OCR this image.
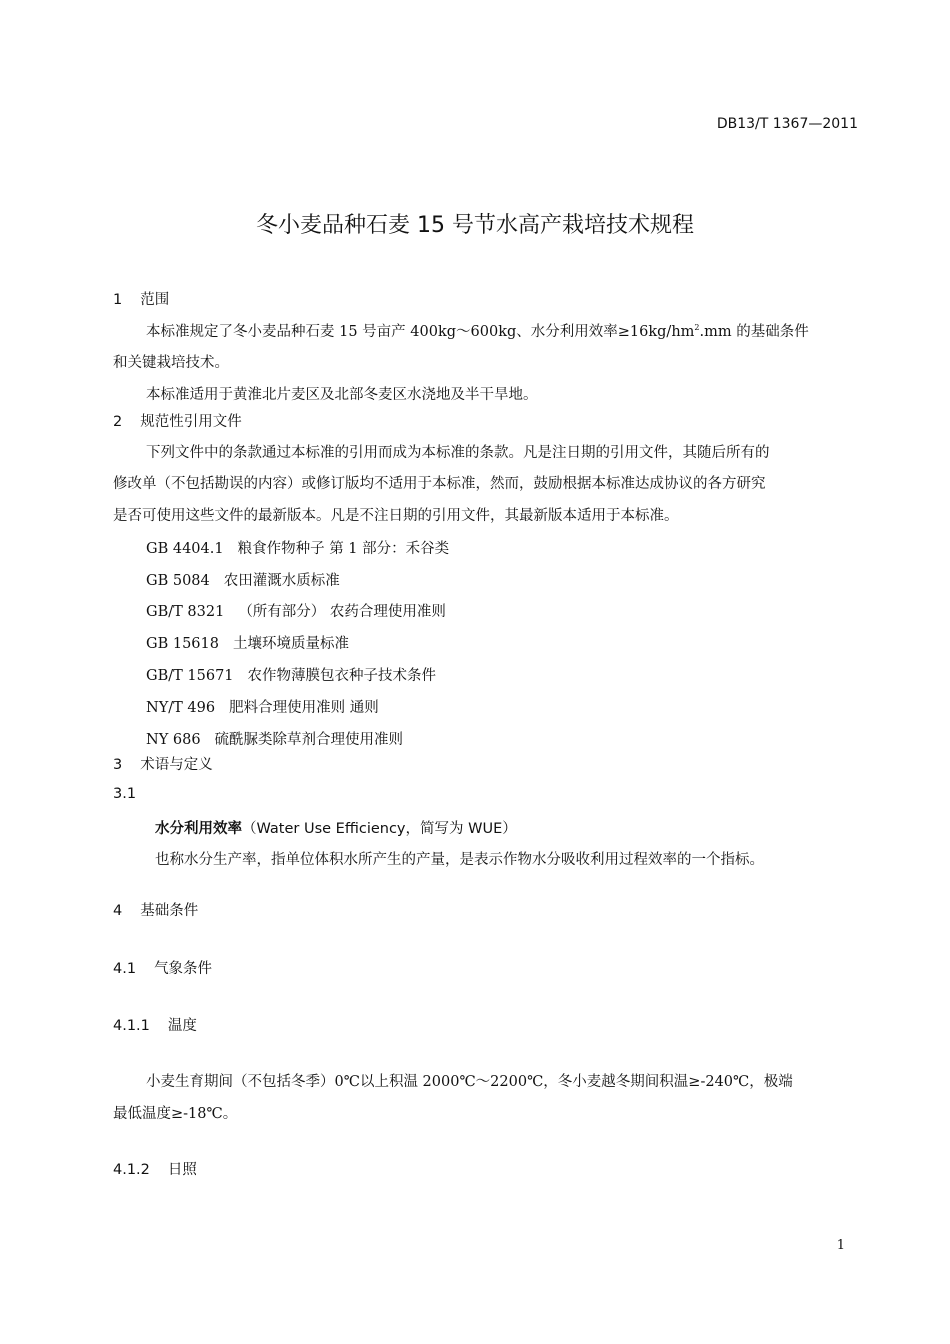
DB13/T 1367—2011
冬小麦品种石麦 15 号节水高产栽培技术规程
1 范围
本标准规定了冬小麦品种石麦 15 号亩产 400kg～600kg、水分利用效率$\ge 16kg/hm^2.mm$ 的基础条件
和关键栽培技术。
本标准适用于黄淮北片麦区及北部冬麦区水浇地及半干旱地。
2 规范性引用文件
下列文件中的条款通过本标准的引用而成为本标准的条款。凡是注日期的引用文件，其随后所有的
修改单（不包括勘误的内容）或修订版均不适用于本标准，然而，鼓励根据本标准达成协议的各方研究
是否可使用这些文件的最新版本。凡是不注日期的引用文件，其最新版本适用于本标准。
GB 4404.1 粮食作物种子 第 1 部分：禾谷类
GB 5084 农田灌溉水质标准
GB/T 8321 （所有部分） 农药合理使用准则
GB 15618 土壤环境质量标准
GB/T 15671 农作物薄膜包衣种子技术条件
NY/T 496 肥料合理使用准则 通则
NY 686 硫酰脲类除草剂合理使用准则
3 术语与定义
3.1
水分利用效率（Water Use Efficiency，简写为 WUE）
也称水分生产率，指单位体积水所产生的产量，是表示作物水分吸收利用过程效率的一个指标。
4 基础条件
4.1 气象条件
4.1.1 温度
小麦生育期间（不包括冬季）0℃以上积温 2000℃～2200℃，冬小麦越冬期间积温≥-240℃，极端
最低温度≥-18℃。
4.1.2 日照
1
